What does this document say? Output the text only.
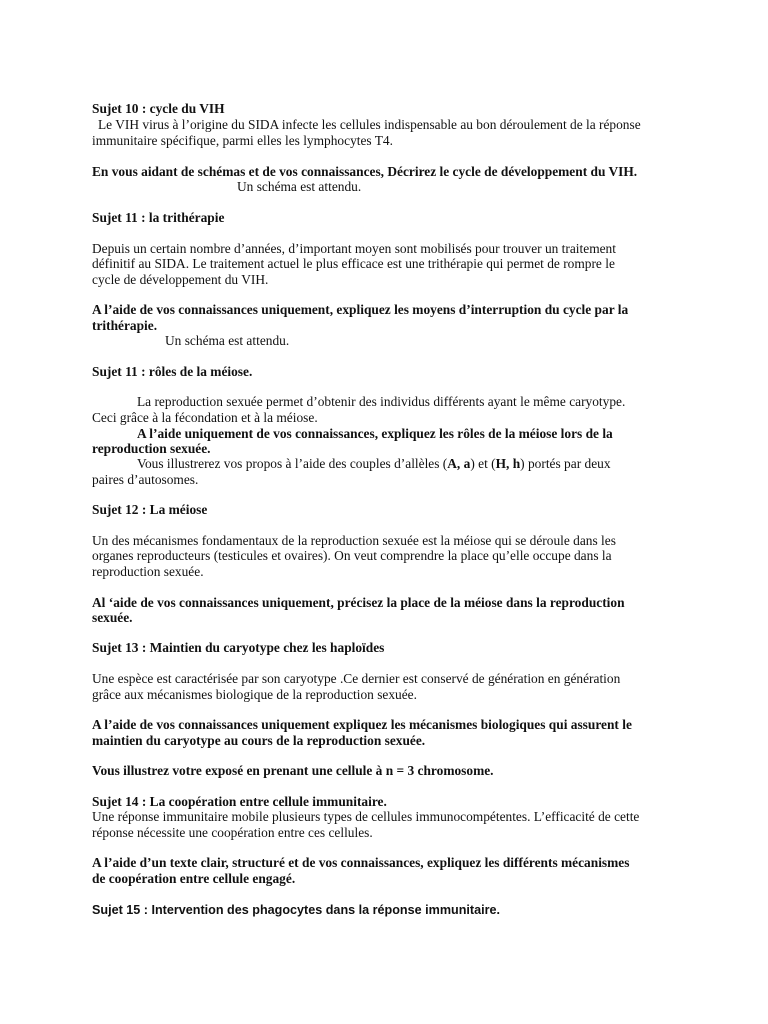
Sujet 10 : cycle du VIH
Le VIH virus à l’origine du SIDA infecte les cellules indispensable au bon déroulement de la réponse
immunitaire spécifique, parmi elles les lymphocytes T4.
En vous aidant de schémas et de vos connaissances, Décrirez le cycle de développement du VIH.
Un schéma est attendu.
Sujet 11 : la trithérapie
Depuis un certain nombre d’années, d’important moyen sont mobilisés pour trouver un traitement
définitif au SIDA. Le traitement actuel le plus efficace est une trithérapie qui permet de rompre le
cycle de développement du VIH.
A l’aide de vos connaissances uniquement, expliquez les moyens d’interruption du cycle par la
trithérapie.
Un schéma est attendu.
Sujet 11 : rôles de la méiose.
La reproduction sexuée permet d’obtenir des individus différents ayant le même caryotype.
Ceci grâce à la fécondation et à la méiose.
A l’aide uniquement de vos connaissances, expliquez les rôles de la méiose lors de la
reproduction sexuée.
Vous illustrerez vos propos à l’aide des couples d’allèles (A, a) et (H, h) portés par deux
paires d’autosomes.
Sujet 12 : La méiose
Un des mécanismes fondamentaux de la reproduction sexuée est la méiose qui se déroule dans les
organes reproducteurs (testicules et ovaires). On veut comprendre la place qu’elle occupe dans la
reproduction sexuée.
Al ‘aide de vos connaissances uniquement, précisez la place de la méiose dans la reproduction
sexuée.
Sujet 13 : Maintien du caryotype chez les haploïdes
Une espèce est caractérisée par son caryotype .Ce dernier est conservé de génération en génération
grâce aux mécanismes biologique de la reproduction sexuée.
A l’aide de vos connaissances uniquement expliquez les mécanismes biologiques qui assurent le
maintien du caryotype au cours de la reproduction sexuée.
Vous illustrez votre exposé en prenant une cellule à n = 3 chromosome.
Sujet 14 : La coopération entre cellule immunitaire.
Une réponse immunitaire mobile plusieurs types de cellules immunocompétentes. L’efficacité de cette
réponse nécessite une coopération entre ces cellules.
A l’aide d’un texte clair, structuré et de vos connaissances, expliquez les différents mécanismes
de coopération entre cellule engagé.
Sujet 15 : Intervention des phagocytes dans la réponse immunitaire.
